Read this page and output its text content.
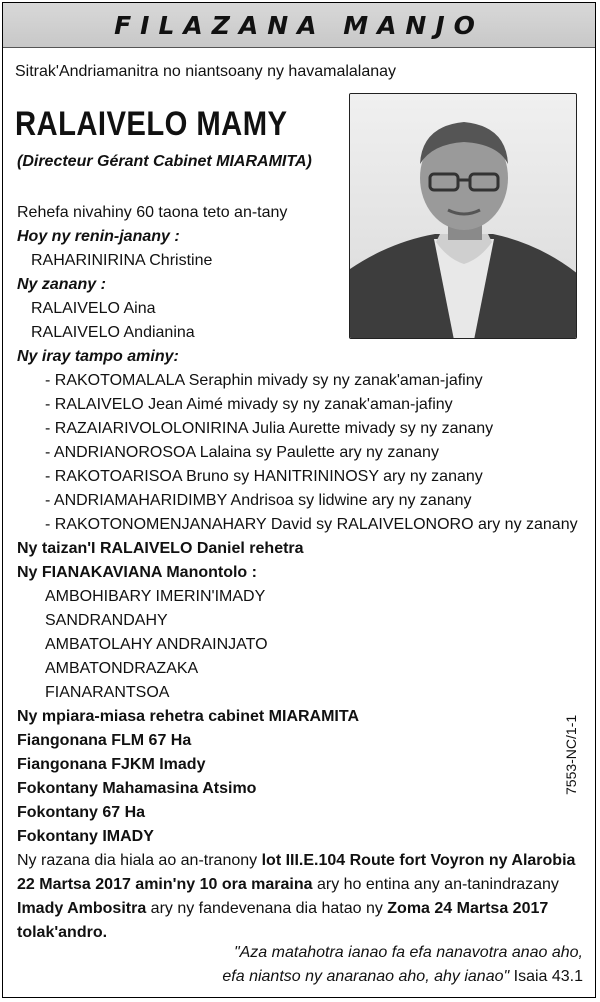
FILAZANA MANJO
Sitrak'Andriamanitra no niantsoany ny havamalalanay
RALAIVELO MAMY
(Directeur Gérant Cabinet MIARAMITA)
Rehefa nivahiny 60 taona teto an-tany
Hoy ny renin-janany :
RAHARINIRINA Christine
Ny zanany :
RALAIVELO Aina
RALAIVELO Andianina
Ny iray tampo aminy:
- RAKOTOMALALA Seraphin mivady sy ny zanak'aman-jafiny
- RALAIVELO Jean Aimé mivady sy ny zanak'aman-jafiny
- RAZAIARIVOLOLONIRINA Julia Aurette mivady sy ny zanany
- ANDRIANOROSOA Lalaina sy Paulette ary ny zanany
- RAKOTOARISOA Bruno sy HANITRININOSY ary ny zanany
- ANDRIAMAHARIDIMBY Andrisoa sy lidwine ary ny zanany
- RAKOTONOMENJANAHARY David sy RALAIVELONORO ary ny zanany
Ny taizan'I RALAIVELO Daniel rehetra
Ny FIANAKAVIANA Manontolo :
AMBOHIBARY IMERIN'IMADY
SANDRANDAHY
AMBATOLAHY ANDRAINJATO
AMBATONDRAZAKA
FIANARANTSOA
Ny mpiara-miasa rehetra cabinet MIARAMITA
Fiangonana FLM 67 Ha
Fiangonana FJKM Imady
Fokontany Mahamasina Atsimo
Fokontany 67 Ha
Fokontany IMADY
Ny razana dia hiala ao an-tranony lot III.E.104 Route fort Voyron ny Alarobia 22 Martsa 2017 amin'ny 10 ora maraina ary ho entina any an-tanindrazany Imady Ambositra ary ny fandevenana dia hatao ny Zoma 24 Martsa 2017 tolak'andro.
7553-NC/1-1
"Aza matahotra ianao fa efa nanavotra anao aho,
efa niantso ny anaranao aho, ahy ianao" Isaia 43.1
